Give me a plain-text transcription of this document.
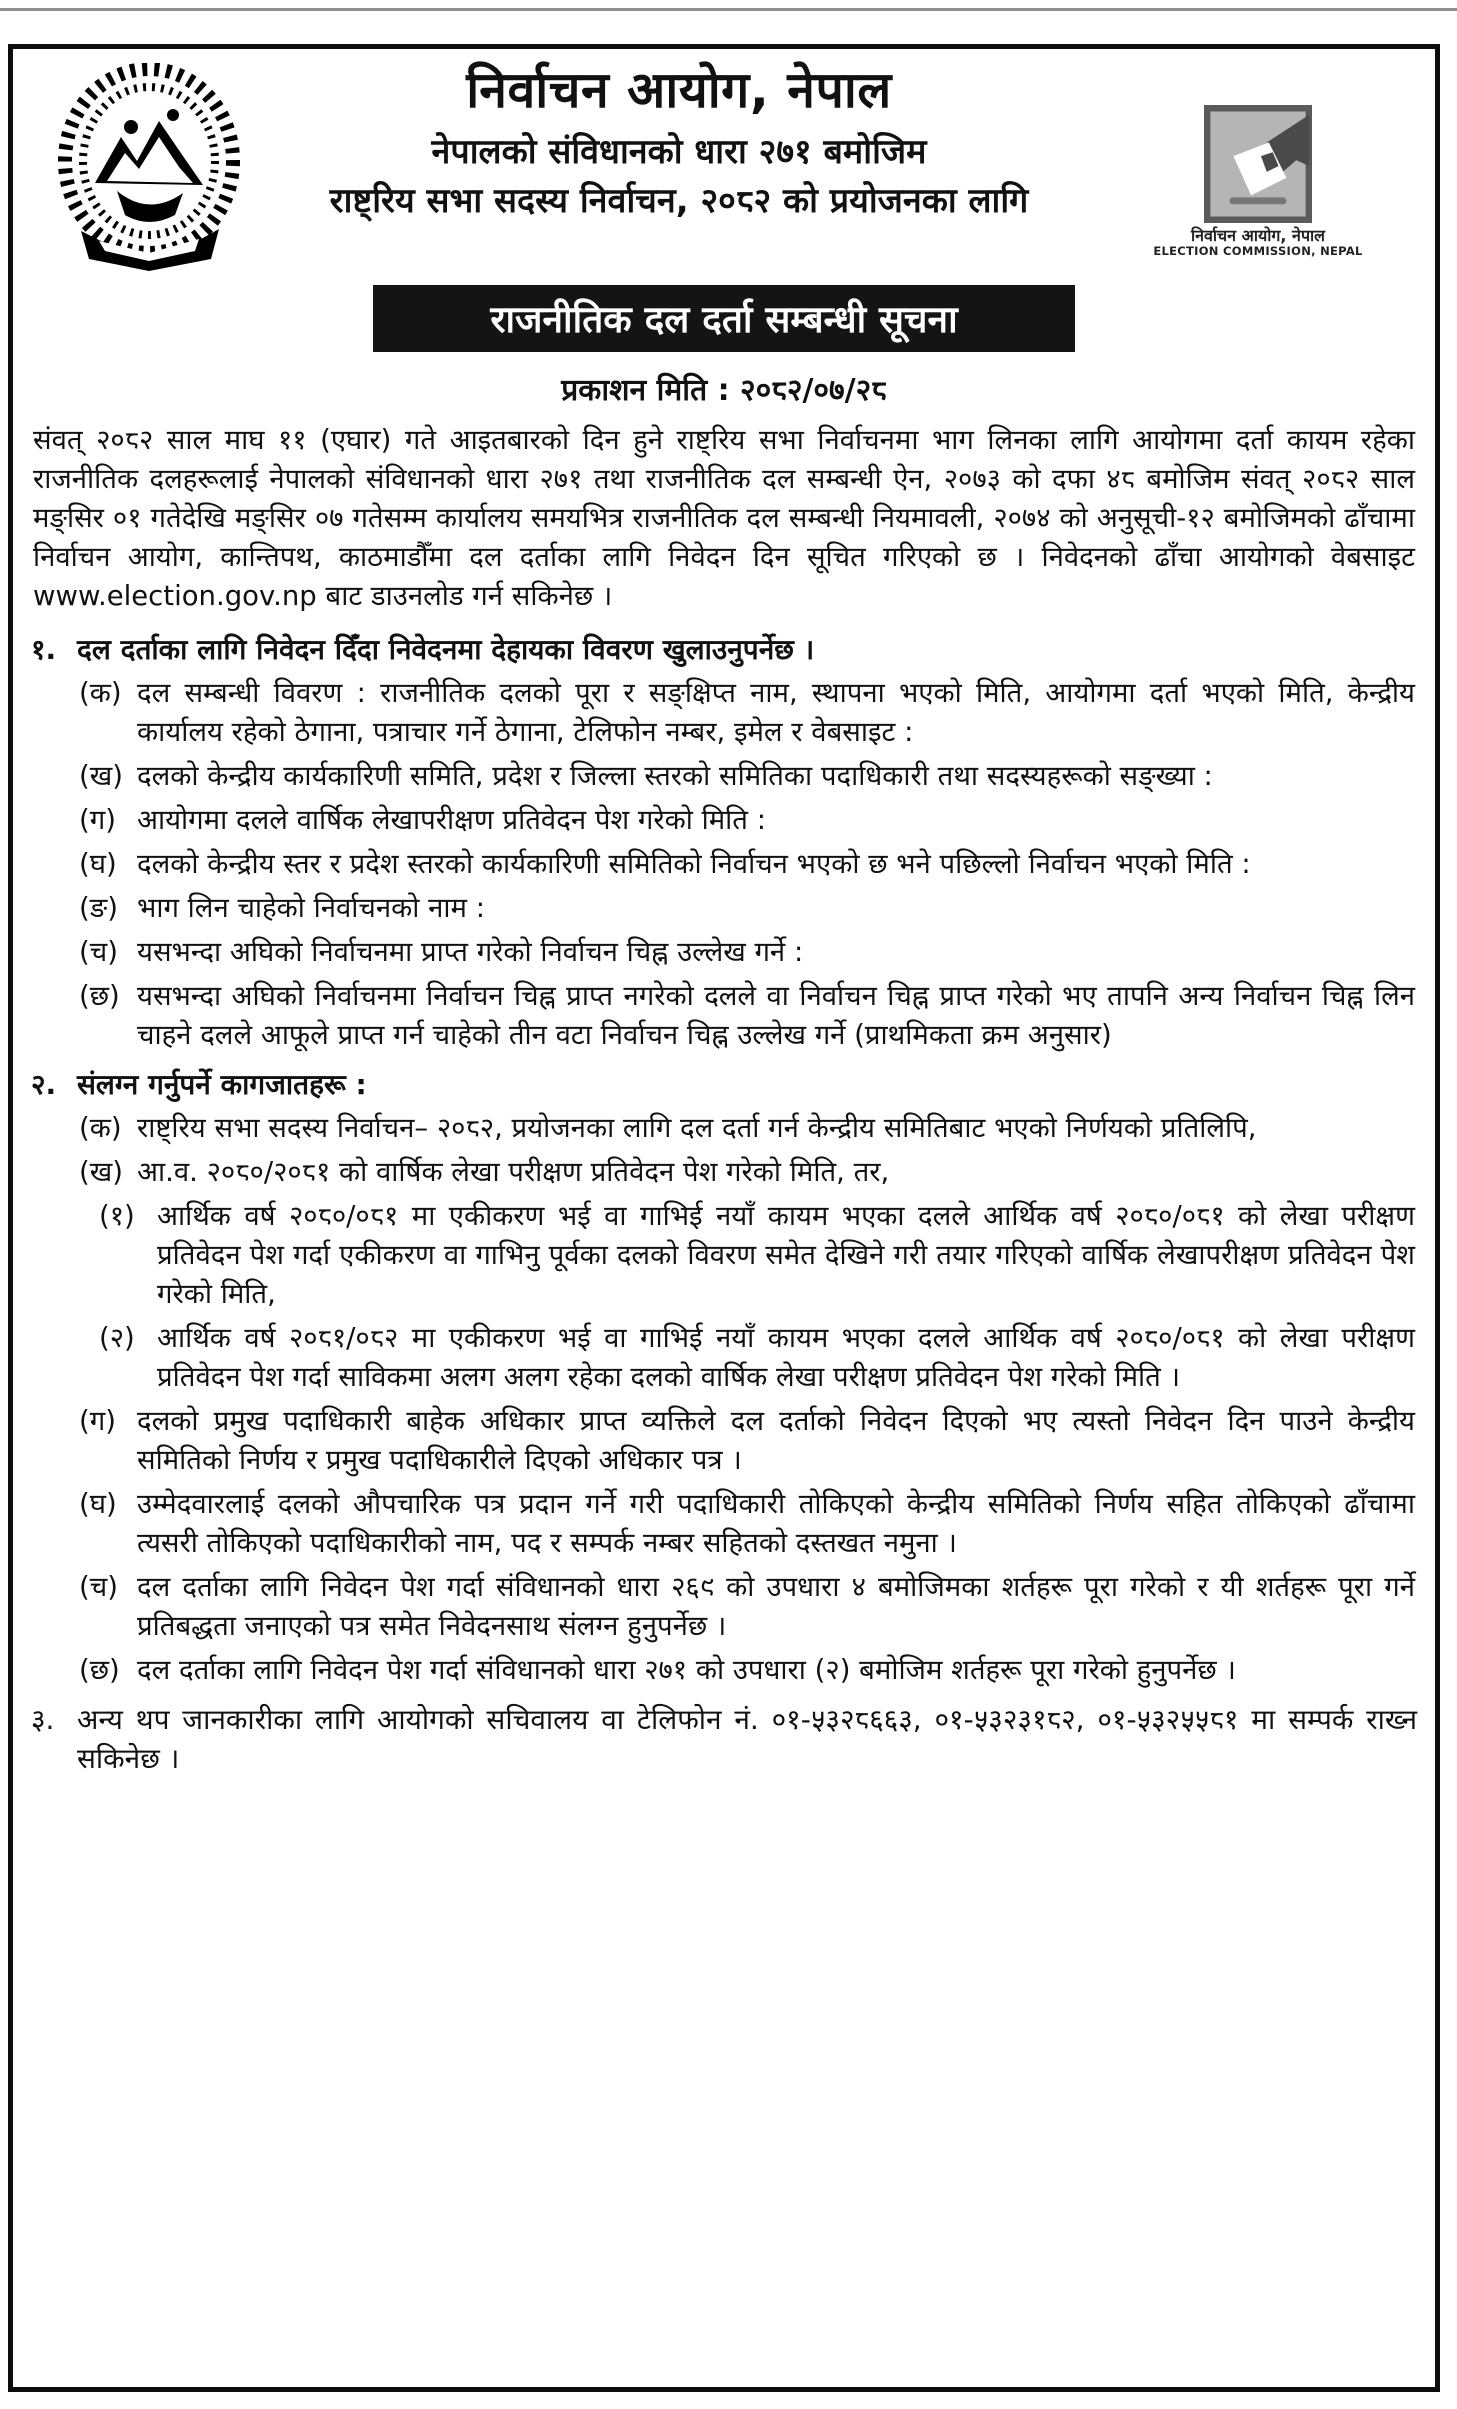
निर्वाचन आयोग, नेपाल
नेपालको संविधानको धारा २७१ बमोजिम
राष्ट्रिय सभा सदस्य निर्वाचन, २०८२ को प्रयोजनका लागि
निर्वाचन आयोग, नेपाल
ELECTION COMMISSION, NEPAL
राजनीतिक दल दर्ता सम्बन्धी सूचना
प्रकाशन मिति : २०८२/०७/२८
संवत् २०८२ साल माघ ११ (एघार) गते आइतबारको दिन हुने राष्ट्रिय सभा निर्वाचनमा भाग लिनका लागि आयोगमा दर्ता कायम रहेका राजनीतिक दलहरूलाई नेपालको संविधानको धारा २७१ तथा राजनीतिक दल सम्बन्धी ऐन, २०७३ को दफा ४८ बमोजिम संवत् २०८२ साल मङ्सिर ०१ गतेदेखि मङ्सिर ०७ गतेसम्म कार्यालय समयभित्र राजनीतिक दल सम्बन्धी नियमावली, २०७४ को अनुसूची-१२ बमोजिमको ढाँचामा निर्वाचन आयोग, कान्तिपथ, काठमाडौँमा दल दर्ताका लागि निवेदन दिन सूचित गरिएको छ । निवेदनको ढाँचा आयोगको वेबसाइट www.election.gov.np बाट डाउनलोड गर्न सकिनेछ ।
१. दल दर्ताका लागि निवेदन दिँदा निवेदनमा देहायका विवरण खुलाउनुपर्नेछ ।
(क) दल सम्बन्धी विवरण : राजनीतिक दलको पूरा र सङ्क्षिप्त नाम, स्थापना भएको मिति, आयोगमा दर्ता भएको मिति, केन्द्रीय कार्यालय रहेको ठेगाना, पत्राचार गर्ने ठेगाना, टेलिफोन नम्बर, इमेल र वेबसाइट :
(ख) दलको केन्द्रीय कार्यकारिणी समिति, प्रदेश र जिल्ला स्तरको समितिका पदाधिकारी तथा सदस्यहरूको सङ्ख्या :
(ग) आयोगमा दलले वार्षिक लेखापरीक्षण प्रतिवेदन पेश गरेको मिति :
(घ) दलको केन्द्रीय स्तर र प्रदेश स्तरको कार्यकारिणी समितिको निर्वाचन भएको छ भने पछिल्लो निर्वाचन भएको मिति :
(ङ) भाग लिन चाहेको निर्वाचनको नाम :
(च) यसभन्दा अघिको निर्वाचनमा प्राप्त गरेको निर्वाचन चिह्न उल्लेख गर्ने :
(छ) यसभन्दा अघिको निर्वाचनमा निर्वाचन चिह्न प्राप्त नगरेको दलले वा निर्वाचन चिह्न प्राप्त गरेको भए तापनि अन्य निर्वाचन चिह्न लिन चाहने दलले आफूले प्राप्त गर्न चाहेको तीन वटा निर्वाचन चिह्न उल्लेख गर्ने (प्राथमिकता क्रम अनुसार)
२. संलग्न गर्नुपर्ने कागजातहरू :
(क) राष्ट्रिय सभा सदस्य निर्वाचन– २०८२, प्रयोजनका लागि दल दर्ता गर्न केन्द्रीय समितिबाट भएको निर्णयको प्रतिलिपि,
(ख) आ.व. २०८०/२०८१ को वार्षिक लेखा परीक्षण प्रतिवेदन पेश गरेको मिति, तर,
(१) आर्थिक वर्ष २०८०/०८१ मा एकीकरण भई वा गाभिई नयाँ कायम भएका दलले आर्थिक वर्ष २०८०/०८१ को लेखा परीक्षण प्रतिवेदन पेश गर्दा एकीकरण वा गाभिनु पूर्वका दलको विवरण समेत देखिने गरी तयार गरिएको वार्षिक लेखापरीक्षण प्रतिवेदन पेश गरेको मिति,
(२) आर्थिक वर्ष २०८१/०८२ मा एकीकरण भई वा गाभिई नयाँ कायम भएका दलले आर्थिक वर्ष २०८०/०८१ को लेखा परीक्षण प्रतिवेदन पेश गर्दा साविकमा अलग अलग रहेका दलको वार्षिक लेखा परीक्षण प्रतिवेदन पेश गरेको मिति ।
(ग) दलको प्रमुख पदाधिकारी बाहेक अधिकार प्राप्त व्यक्तिले दल दर्ताको निवेदन दिएको भए त्यस्तो निवेदन दिन पाउने केन्द्रीय समितिको निर्णय र प्रमुख पदाधिकारीले दिएको अधिकार पत्र ।
(घ) उम्मेदवारलाई दलको औपचारिक पत्र प्रदान गर्ने गरी पदाधिकारी तोकिएको केन्द्रीय समितिको निर्णय सहित तोकिएको ढाँचामा त्यसरी तोकिएको पदाधिकारीको नाम, पद र सम्पर्क नम्बर सहितको दस्तखत नमुना ।
(च) दल दर्ताका लागि निवेदन पेश गर्दा संविधानको धारा २६९ को उपधारा ४ बमोजिमका शर्तहरू पूरा गरेको र यी शर्तहरू पूरा गर्ने प्रतिबद्धता जनाएको पत्र समेत निवेदनसाथ संलग्न हुनुपर्नेछ ।
(छ) दल दर्ताका लागि निवेदन पेश गर्दा संविधानको धारा २७१ को उपधारा (२) बमोजिम शर्तहरू पूरा गरेको हुनुपर्नेछ ।
३. अन्य थप जानकारीका लागि आयोगको सचिवालय वा टेलिफोन नं. ०१-५३२८६६३, ०१-५३२३१८२, ०१-५३२५५८१ मा सम्पर्क राख्न सकिनेछ ।
